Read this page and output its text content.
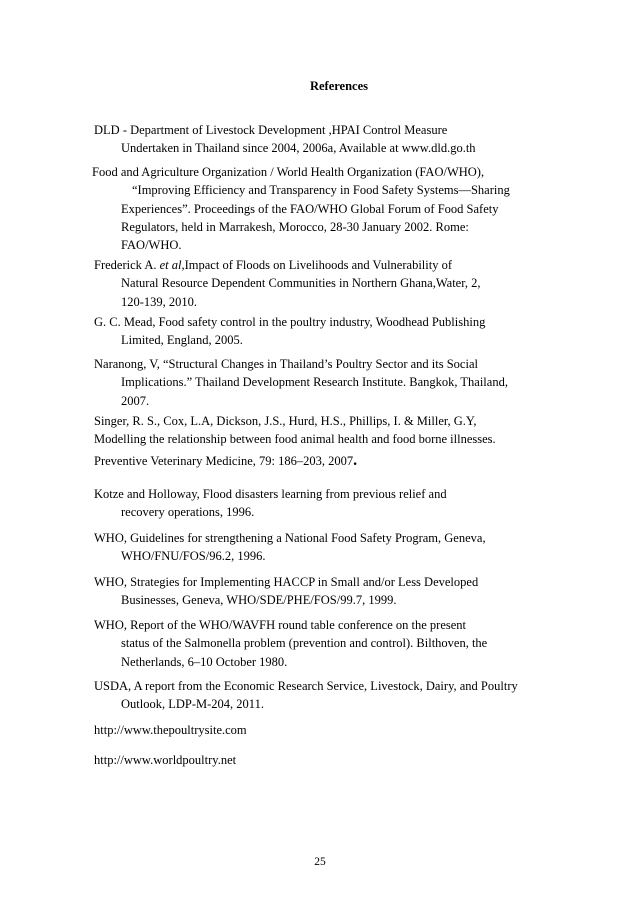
References

DLD - Department of Livestock Development ,HPAI Control Measure
Undertaken in Thailand since 2004, 2006a, Available at www.dld.go.th

Food and Agriculture Organization / World Health Organization (FAO/WHO),
“Improving Efficiency and Transparency in Food Safety Systems—Sharing
Experiences”. Proceedings of the FAO/WHO Global Forum of Food Safety
Regulators, held in Marrakesh, Morocco, 28-30 January 2002. Rome:
FAO/WHO.

Frederick A. et al,Impact of Floods on Livelihoods and Vulnerability of
Natural Resource Dependent Communities in Northern Ghana,Water, 2,
120-139, 2010.

G. C. Mead, Food safety control in the poultry industry, Woodhead Publishing
Limited, England, 2005.

Naranong, V, “Structural Changes in Thailand’s Poultry Sector and its Social
Implications.” Thailand Development Research Institute. Bangkok, Thailand,
2007.

Singer, R. S., Cox, L.A, Dickson, J.S., Hurd, H.S., Phillips, I. & Miller, G.Y,
Modelling the relationship between food animal health and food borne illnesses.
Preventive Veterinary Medicine, 79: 186–203, 2007.

Kotze and Holloway, Flood disasters learning from previous relief and
recovery operations, 1996.

WHO, Guidelines for strengthening a National Food Safety Program, Geneva,
WHO/FNU/FOS/96.2, 1996.

WHO, Strategies for Implementing HACCP in Small and/or Less Developed
Businesses, Geneva, WHO/SDE/PHE/FOS/99.7, 1999.

WHO, Report of the WHO/WAVFH round table conference on the present
status of the Salmonella problem (prevention and control). Bilthoven, the
Netherlands, 6–10 October 1980.

USDA, A report from the Economic Research Service, Livestock, Dairy, and Poultry
Outlook, LDP-M-204, 2011.

http://www.thepoultrysite.com

http://www.worldpoultry.net

25
